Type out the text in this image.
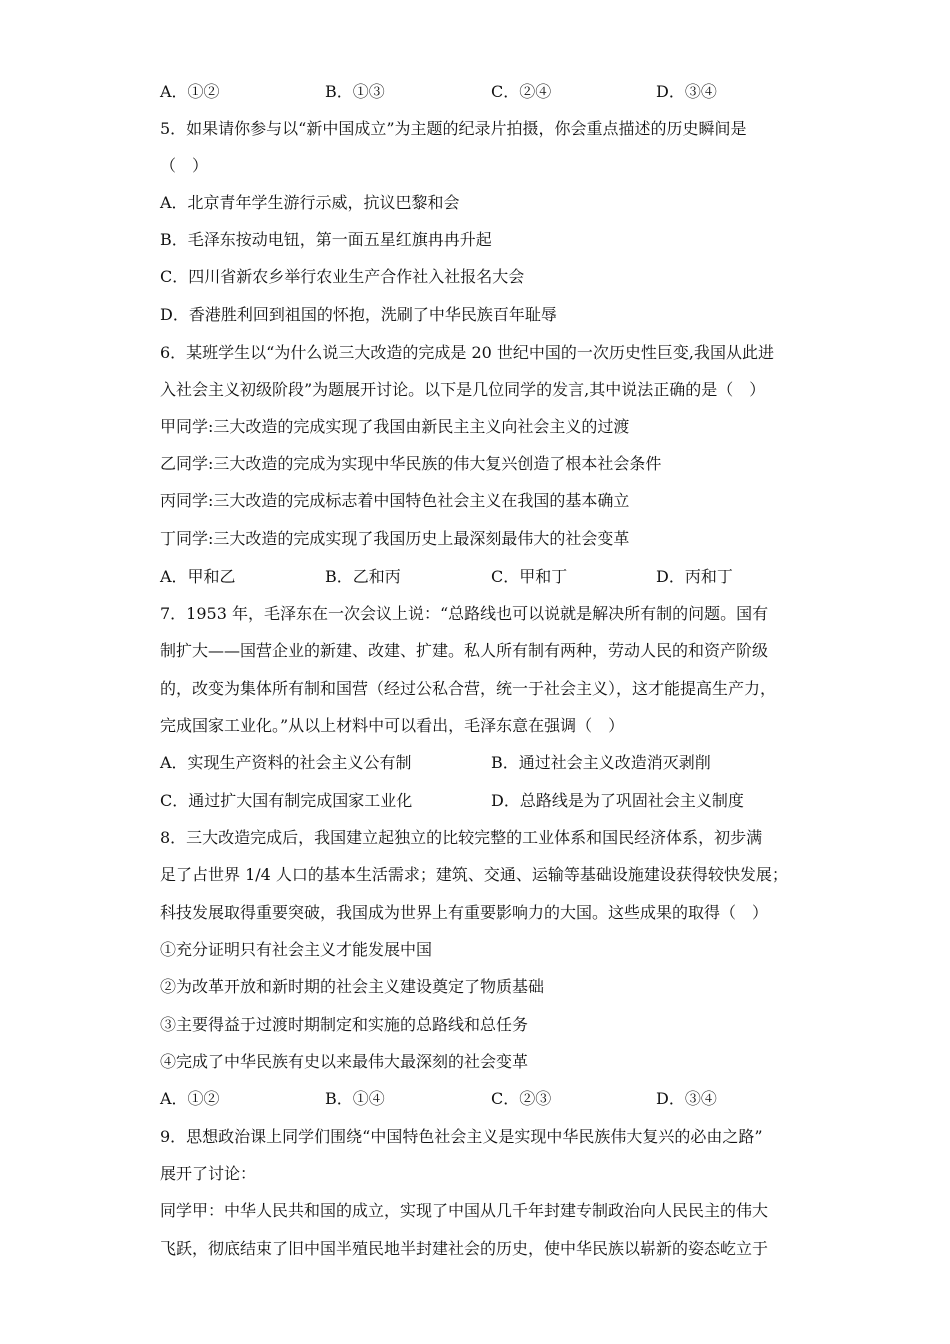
A．①②	B．①③	C．②④	D．③④
5．如果请你参与以“新中国成立”为主题的纪录片拍摄，你会重点描述的历史瞬间是
（　）
A．北京青年学生游行示威，抗议巴黎和会
B．毛泽东按动电钮，第一面五星红旗冉冉升起
C．四川省新农乡举行农业生产合作社入社报名大会
D．香港胜利回到祖国的怀抱，洗刷了中华民族百年耻辱
6．某班学生以“为什么说三大改造的完成是 20 世纪中国的一次历史性巨变,我国从此进
入社会主义初级阶段”为题展开讨论。以下是几位同学的发言,其中说法正确的是（　）
甲同学:三大改造的完成实现了我国由新民主主义向社会主义的过渡
乙同学:三大改造的完成为实现中华民族的伟大复兴创造了根本社会条件
丙同学:三大改造的完成标志着中国特色社会主义在我国的基本确立
丁同学:三大改造的完成实现了我国历史上最深刻最伟大的社会变革
A．甲和乙	B．乙和丙	C．甲和丁	D．丙和丁
7．1953 年，毛泽东在一次会议上说：“总路线也可以说就是解决所有制的问题。国有
制扩大——国营企业的新建、改建、扩建。私人所有制有两种，劳动人民的和资产阶级
的，改变为集体所有制和国营（经过公私合营，统一于社会主义），这才能提高生产力，
完成国家工业化。”从以上材料中可以看出，毛泽东意在强调（　）
A．实现生产资料的社会主义公有制	B．通过社会主义改造消灭剥削
C．通过扩大国有制完成国家工业化	D．总路线是为了巩固社会主义制度
8．三大改造完成后，我国建立起独立的比较完整的工业体系和国民经济体系，初步满
足了占世界 1/4 人口的基本生活需求；建筑、交通、运输等基础设施建设获得较快发展；
科技发展取得重要突破，我国成为世界上有重要影响力的大国。这些成果的取得（　）
①充分证明只有社会主义才能发展中国
②为改革开放和新时期的社会主义建设奠定了物质基础
③主要得益于过渡时期制定和实施的总路线和总任务
④完成了中华民族有史以来最伟大最深刻的社会变革
A．①②	B．①④	C．②③	D．③④
9．思想政治课上同学们围绕“中国特色社会主义是实现中华民族伟大复兴的必由之路”
展开了讨论：
同学甲：中华人民共和国的成立，实现了中国从几千年封建专制政治向人民民主的伟大
飞跃，彻底结束了旧中国半殖民地半封建社会的历史，使中华民族以崭新的姿态屹立于
